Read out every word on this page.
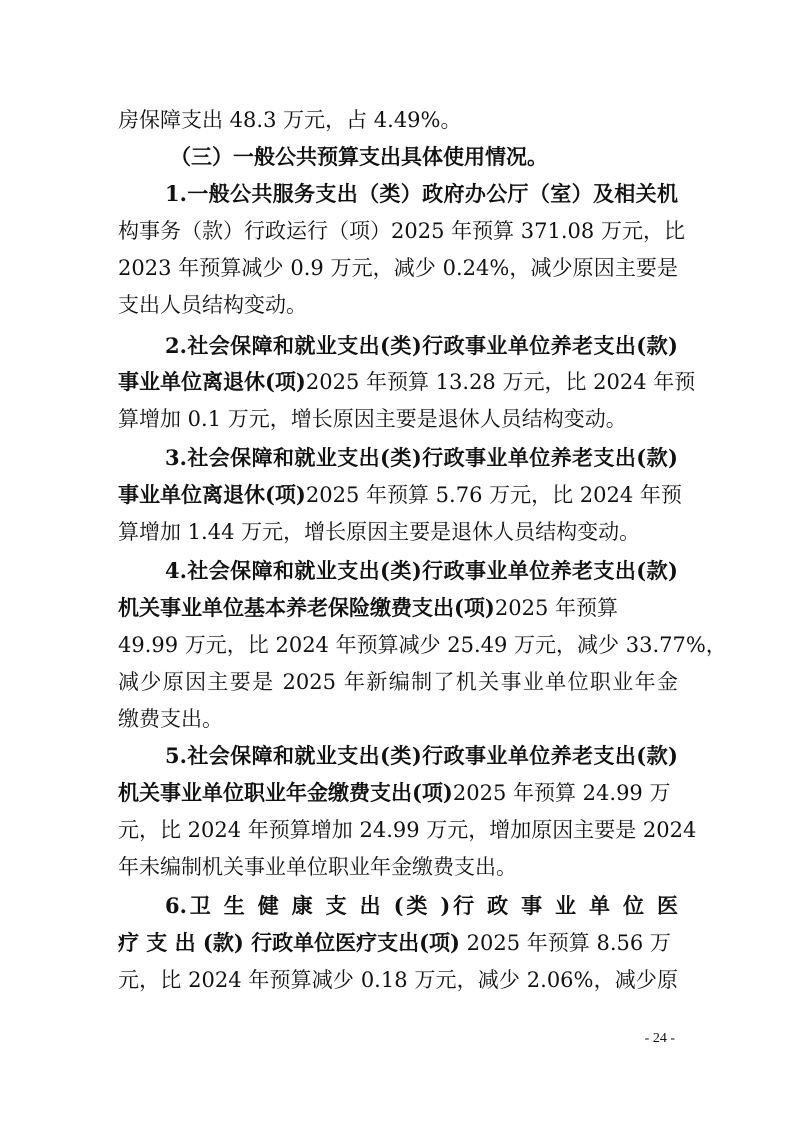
房保障支出 48.3 万元，占 4.49%。
（三）一般公共预算支出具体使用情况。
1.一般公共服务支出（类）政府办公厅（室）及相关机
构事务（款）行政运行（项）2025 年预算 371.08 万元，比
2023 年预算减少 0.9 万元，减少 0.24%，减少原因主要是
支出人员结构变动。
2.社会保障和就业支出(类)行政事业单位养老支出(款)
事业单位离退休(项)2025 年预算 13.28 万元，比 2024 年预
算增加 0.1 万元，增长原因主要是退休人员结构变动。
3.社会保障和就业支出(类)行政事业单位养老支出(款)
事业单位离退休(项)2025 年预算 5.76 万元，比 2024 年预
算增加 1.44 万元，增长原因主要是退休人员结构变动。
4.社会保障和就业支出(类)行政事业单位养老支出(款)
机关事业单位基本养老保险缴费支出(项)2025 年预算
49.99 万元，比 2024 年预算减少 25.49 万元，减少 33.77%，
减少原因主要是 2025 年新编制了机关事业单位职业年金
缴费支出。
5.社会保障和就业支出(类)行政事业单位养老支出(款)
机关事业单位职业年金缴费支出(项)2025 年预算 24.99 万
元，比 2024 年预算增加 24.99 万元，增加原因主要是 2024
年未编制机关事业单位职业年金缴费支出。
6.卫 生 健 康 支 出 (类 )行 政 事 业 单 位 医
疗 支 出 (款) 行政单位医疗支出(项) 2025 年预算 8.56 万
元，比 2024 年预算减少 0.18 万元，减少 2.06%，减少原
- 24 -
